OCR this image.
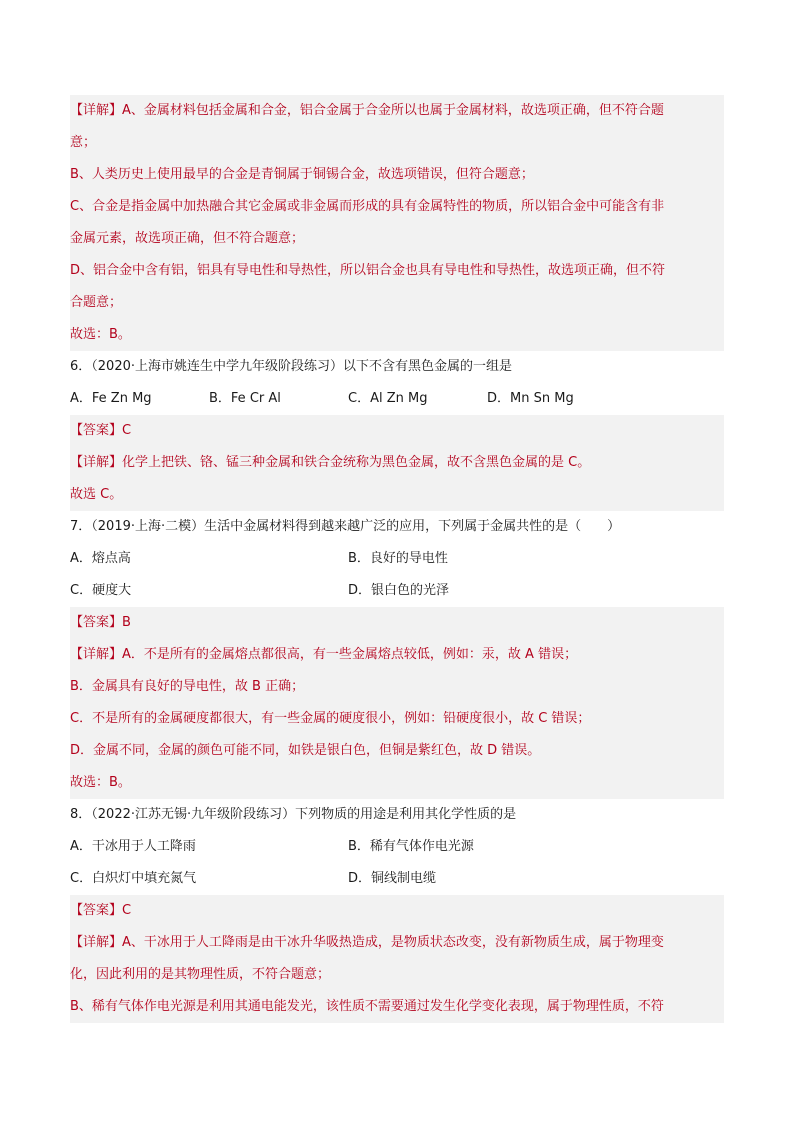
【详解】A、金属材料包括金属和合金，铝合金属于合金所以也属于金属材料，故选项正确，但不符合题
意；
B、人类历史上使用最早的合金是青铜属于铜锡合金，故选项错误，但符合题意；
C、合金是指金属中加热融合其它金属或非金属而形成的具有金属特性的物质，所以铝合金中可能含有非
金属元素，故选项正确，但不符合题意；
D、铝合金中含有铝，铝具有导电性和导热性，所以铝合金也具有导电性和导热性，故选项正确，但不符
合题意；
故选：B。
6．（2020·上海市姚连生中学九年级阶段练习）以下不含有黑色金属的一组是
A．Fe Zn Mg	B．Fe Cr Al	C．Al Zn Mg	D．Mn Sn Mg
【答案】C
【详解】化学上把铁、铬、锰三种金属和铁合金统称为黑色金属，故不含黑色金属的是 C。
故选 C。
7．（2019·上海·二模）生活中金属材料得到越来越广泛的应用，下列属于金属共性的是（　　）
A．熔点高	B．良好的导电性
C．硬度大	D．银白色的光泽
【答案】B
【详解】A．不是所有的金属熔点都很高，有一些金属熔点较低，例如：汞，故 A 错误；
B．金属具有良好的导电性，故 B 正确；
C．不是所有的金属硬度都很大，有一些金属的硬度很小，例如：铅硬度很小，故 C 错误；
D．金属不同，金属的颜色可能不同，如铁是银白色，但铜是紫红色，故 D 错误。
故选：B。
8．（2022·江苏无锡·九年级阶段练习）下列物质的用途是利用其化学性质的是
A．干冰用于人工降雨	B．稀有气体作电光源
C．白炽灯中填充氮气	D．铜线制电缆
【答案】C
【详解】A、干冰用于人工降雨是由干冰升华吸热造成，是物质状态改变，没有新物质生成，属于物理变
化，因此利用的是其物理性质，不符合题意；
B、稀有气体作电光源是利用其通电能发光，该性质不需要通过发生化学变化表现，属于物理性质，不符
